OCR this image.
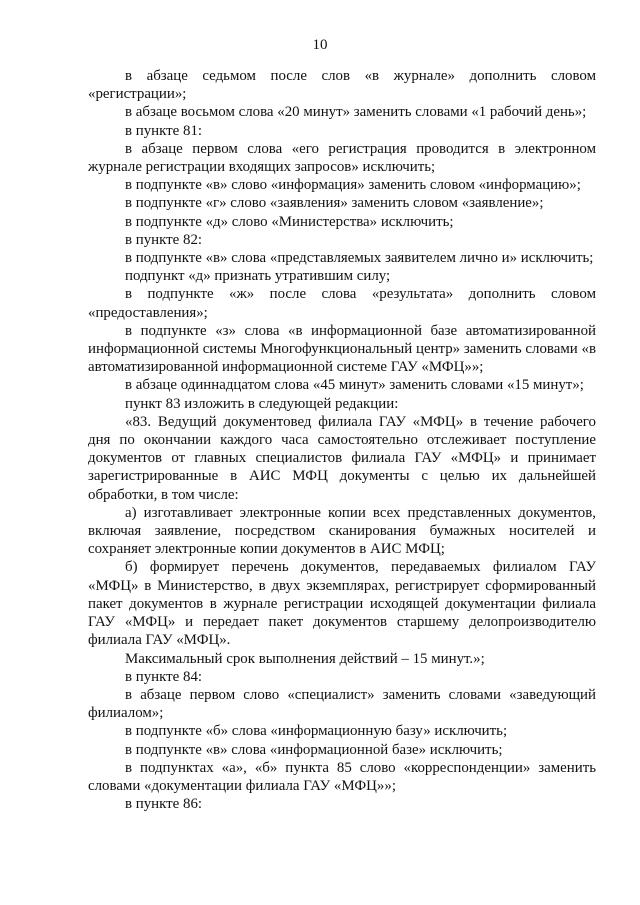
10

в абзаце седьмом после слов «в журнале» дополнить словом «регистрации»;

в абзаце восьмом слова «20 минут» заменить словами «1 рабочий день»;

в пункте 81:

в абзаце первом слова «его регистрация проводится в электронном журнале регистрации входящих запросов» исключить;

в подпункте «в» слово «информация» заменить словом «информацию»;

в подпункте «г» слово «заявления» заменить словом «заявление»;

в подпункте «д» слово «Министерства» исключить;

в пункте 82:

в подпункте «в» слова «представляемых заявителем лично и» исключить;

подпункт «д» признать утратившим силу;

в подпункте «ж» после слова «результата» дополнить словом «предоставления»;

в подпункте «з» слова «в информационной базе автоматизированной информационной системы Многофункциональный центр» заменить словами «в автоматизированной информационной системе ГАУ «МФЦ»»;

в абзаце одиннадцатом слова «45 минут» заменить словами «15 минут»;

пункт 83 изложить в следующей редакции:

«83. Ведущий документовед филиала ГАУ «МФЦ» в течение рабочего дня по окончании каждого часа самостоятельно отслеживает поступление документов от главных специалистов филиала ГАУ «МФЦ» и принимает зарегистрированные в АИС МФЦ документы с целью их дальнейшей обработки, в том числе:

а) изготавливает электронные копии всех представленных документов, включая заявление, посредством сканирования бумажных носителей и сохраняет электронные копии документов в АИС МФЦ;

б) формирует перечень документов, передаваемых филиалом ГАУ «МФЦ» в Министерство, в двух экземплярах, регистрирует сформированный пакет документов в журнале регистрации исходящей документации филиала ГАУ «МФЦ» и передает пакет документов старшему делопроизводителю филиала ГАУ «МФЦ».

Максимальный срок выполнения действий – 15 минут.»;

в пункте 84:

в абзаце первом слово «специалист» заменить словами «заведующий филиалом»;

в подпункте «б» слова «информационную базу» исключить;

в подпункте «в» слова «информационной базе» исключить;

в подпунктах «а», «б» пункта 85 слово «корреспонденции» заменить словами «документации филиала ГАУ «МФЦ»»;

в пункте 86:
